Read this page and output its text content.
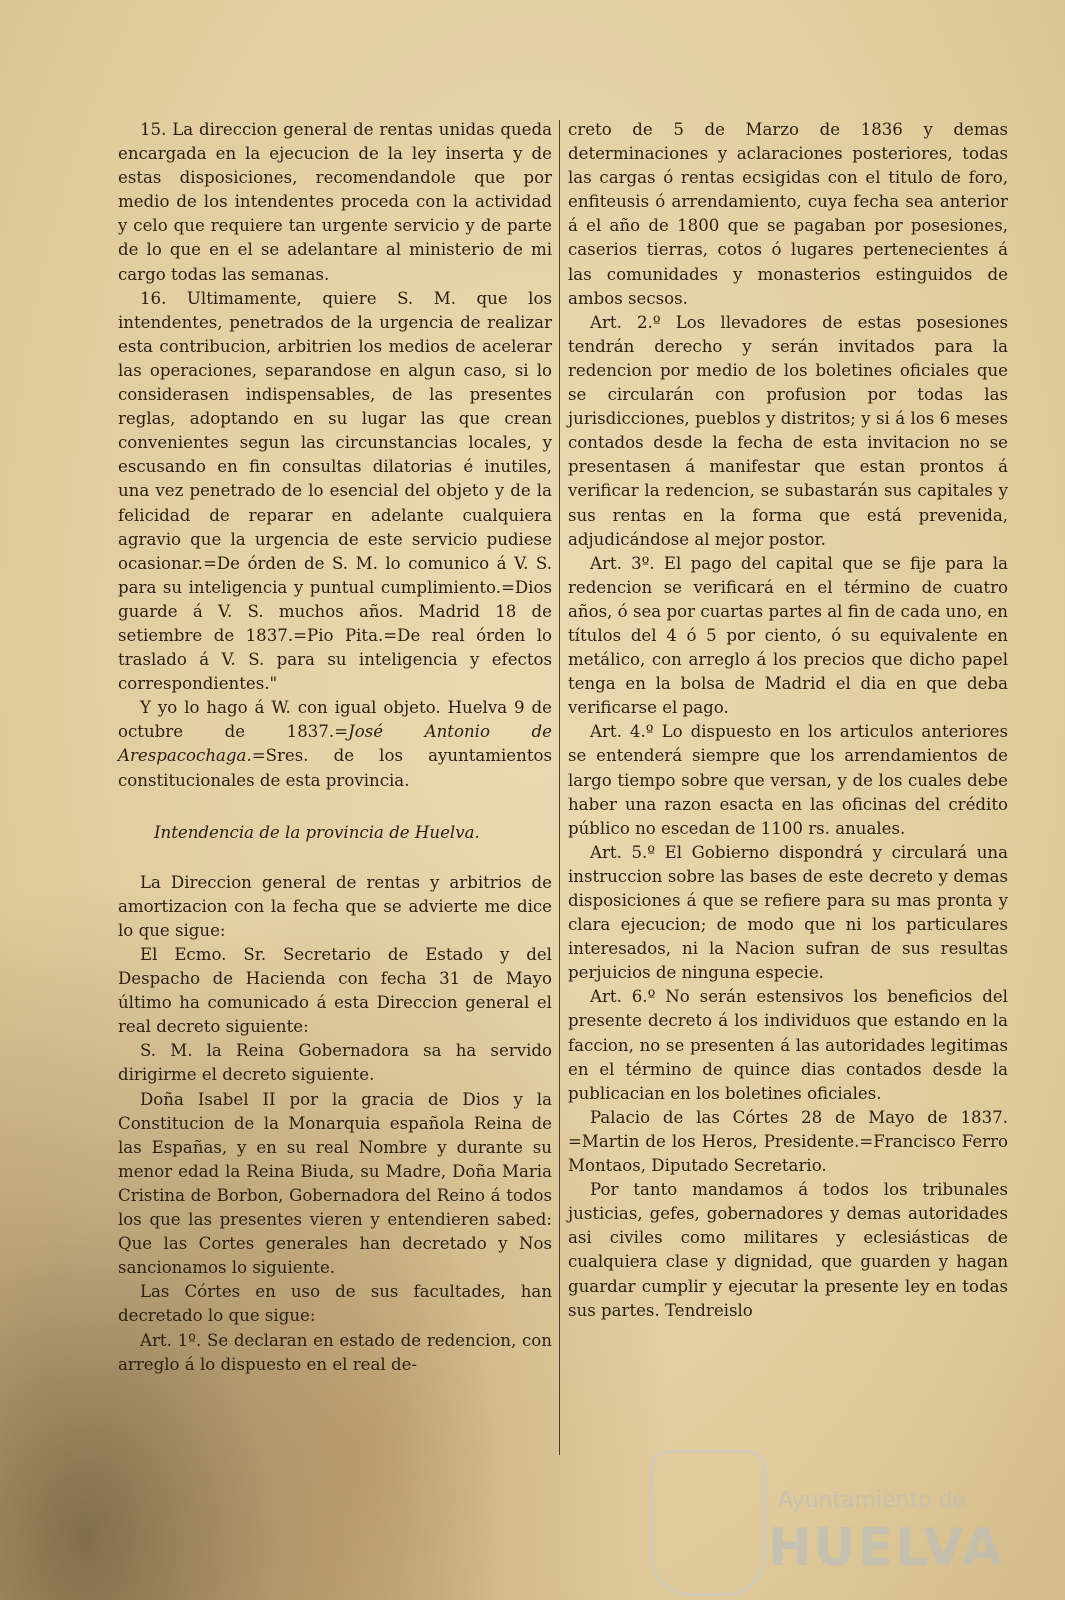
15. La direccion general de rentas unidas queda encargada en la ejecucion de la ley inserta y de estas disposiciones, recomendandole que por medio de los intendentes proceda con la actividad y celo que requiere tan urgente servicio y de parte de lo que en el se adelantare al ministerio de mi cargo todas las semanas.

16. Ultimamente, quiere S. M. que los intendentes, penetrados de la urgencia de realizar esta contribucion, arbitrien los medios de acelerar las operaciones, separandose en algun caso, si lo considerasen indispensables, de las presentes reglas, adoptando en su lugar las que crean convenientes segun las circunstancias locales, y escusando en fin consultas dilatorias é inutiles, una vez penetrado de lo esencial del objeto y de la felicidad de reparar en adelante cualquiera agravio que la urgencia de este servicio pudiese ocasionar.=De órden de S. M. lo comunico á V. S. para su inteligencia y puntual cumplimiento.=Dios guarde á V. S. muchos años. Madrid 18 de setiembre de 1837.=Pio Pita.=De real órden lo traslado á V. S. para su inteligencia y efectos correspondientes."

Y yo lo hago á W. con igual objeto. Huelva 9 de octubre de 1837.=José Antonio de Arespacochaga.=Sres. de los ayuntamientos constitucionales de esta provincia.

Intendencia de la provincia de Huelva.

La Direccion general de rentas y arbitrios de amortizacion con la fecha que se advierte me dice lo que sigue:

El Ecmo. Sr. Secretario de Estado y del Despacho de Hacienda con fecha 31 de Mayo último ha comunicado á esta Direccion general el real decreto siguiente:

S. M. la Reina Gobernadora sa ha servido dirigirme el decreto siguiente.

Doña Isabel II por la gracia de Dios y la Constitucion de la Monarquia española Reina de las Españas, y en su real Nombre y durante su menor edad la Reina Biuda, su Madre, Doña Maria Cristina de Borbon, Gobernadora del Reino á todos los que las presentes vieren y entendieren sabed: Que las Cortes generales han decretado y Nos sancionamos lo siguiente.

Las Córtes en uso de sus facultades, han decretado lo que sigue:

Art. 1º. Se declaran en estado de redencion, con arreglo á lo dispuesto en el real de-

creto de 5 de Marzo de 1836 y demas determinaciones y aclaraciones posteriores, todas las cargas ó rentas ecsigidas con el titulo de foro, enfiteusis ó arrendamiento, cuya fecha sea anterior á el año de 1800 que se pagaban por posesiones, caserios tierras, cotos ó lugares pertenecientes á las comunidades y monasterios estinguidos de ambos secsos.

Art. 2.º Los llevadores de estas posesiones tendrán derecho y serán invitados para la redencion por medio de los boletines oficiales que se circularán con profusion por todas las jurisdicciones, pueblos y distritos; y si á los 6 meses contados desde la fecha de esta invitacion no se presentasen á manifestar que estan prontos á verificar la redencion, se subastarán sus capitales y sus rentas en la forma que está prevenida, adjudicándose al mejor postor.

Art. 3º. El pago del capital que se fije para la redencion se verificará en el término de cuatro años, ó sea por cuartas partes al fin de cada uno, en títulos del 4 ó 5 por ciento, ó su equivalente en metálico, con arreglo á los precios que dicho papel tenga en la bolsa de Madrid el dia en que deba verificarse el pago.

Art. 4.º Lo dispuesto en los articulos anteriores se entenderá siempre que los arrendamientos de largo tiempo sobre que versan, y de los cuales debe haber una razon esacta en las oficinas del crédito público no escedan de 1100 rs. anuales.

Art. 5.º El Gobierno dispondrá y circulará una instruccion sobre las bases de este decreto y demas disposiciones á que se refiere para su mas pronta y clara ejecucion; de modo que ni los particulares interesados, ni la Nacion sufran de sus resultas perjuicios de ninguna especie.

Art. 6.º No serán estensivos los beneficios del presente decreto á los individuos que estando en la faccion, no se presenten á las autoridades legitimas en el término de quince dias contados desde la publicacian en los boletines oficiales.

Palacio de las Córtes 28 de Mayo de 1837. =Martin de los Heros, Presidente.=Francisco Ferro Montaos, Diputado Secretario.

Por tanto mandamos á todos los tribunales justicias, gefes, gobernadores y demas autoridades asi civiles como militares y eclesiásticas de cualquiera clase y dignidad, que guarden y hagan guardar cumplir y ejecutar la presente ley en todas sus partes. Tendreislo

Ayuntamiento de
HUELVA
